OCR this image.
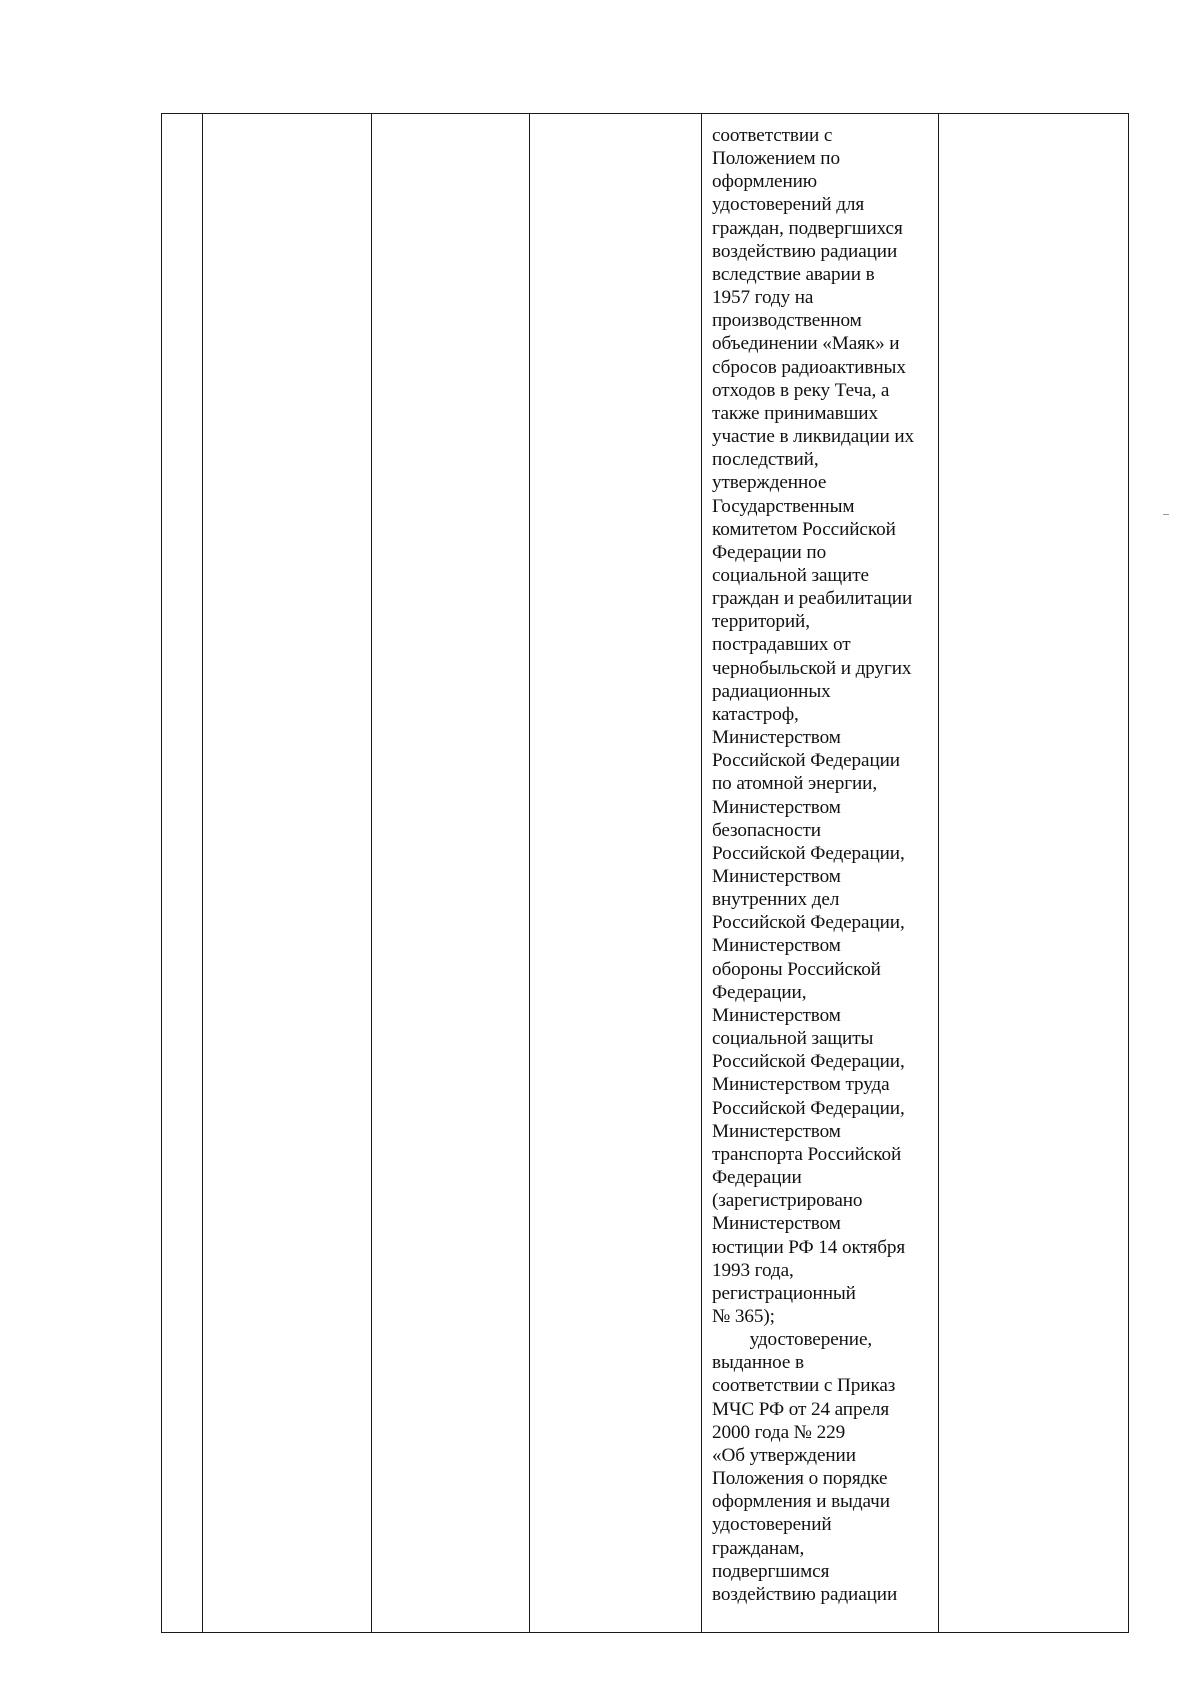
соответствии с
Положением по
оформлению
удостоверений для
граждан, подвергшихся
воздействию радиации
вследствие аварии в
1957 году на
производственном
объединении «Маяк» и
сбросов радиоактивных
отходов в реку Теча, а
также принимавших
участие в ликвидации их
последствий,
утвержденное
Государственным
комитетом Российской
Федерации по
социальной защите
граждан и реабилитации
территорий,
пострадавших от
чернобыльской и других
радиационных
катастроф,
Министерством
Российской Федерации
по атомной энергии,
Министерством
безопасности
Российской Федерации,
Министерством
внутренних дел
Российской Федерации,
Министерством
обороны Российской
Федерации,
Министерством
социальной защиты
Российской Федерации,
Министерством труда
Российской Федерации,
Министерством
транспорта Российской
Федерации
(зарегистрировано
Министерством
юстиции РФ 14 октября
1993 года,
регистрационный
№ 365);
удостоверение,
выданное в
соответствии с Приказ
МЧС РФ от 24 апреля
2000 года № 229
«Об утверждении
Положения о порядке
оформления и выдачи
удостоверений
гражданам,
подвергшимся
воздействию радиации
